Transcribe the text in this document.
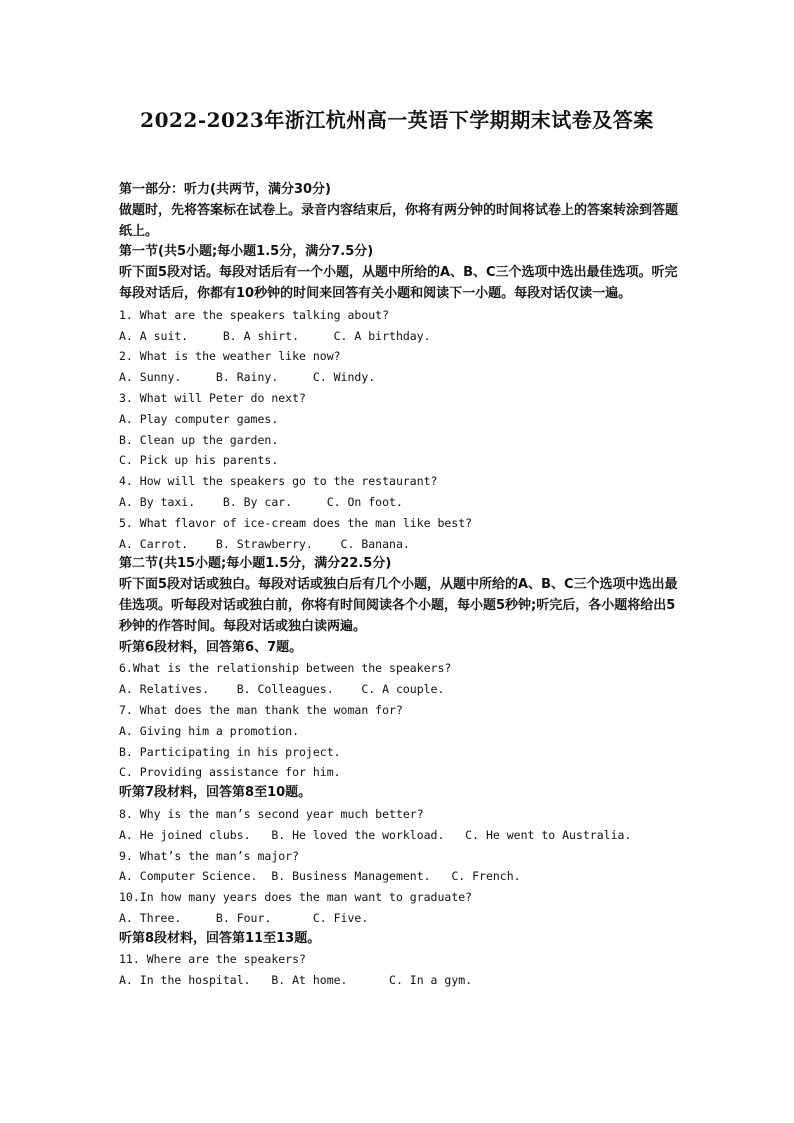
2022-2023年浙江杭州高一英语下学期期末试卷及答案

第一部分：听力(共两节，满分30分)

做题时，先将答案标在试卷上。录音内容结束后，你将有两分钟的时间将试卷上的答案转涂到答题纸上。

第一节(共5小题;每小题1.5分，满分7.5分)

听下面5段对话。每段对话后有一个小题，从题中所给的A、B、C三个选项中选出最佳选项。听完每段对话后，你都有10秒钟的时间来回答有关小题和阅读下一小题。每段对话仅读一遍。

1. What are the speakers talking about?

A. A suit.     B. A shirt.     C. A birthday.

2. What is the weather like now?

A. Sunny.     B. Rainy.     C. Windy.

3. What will Peter do next?

A. Play computer games.

B. Clean up the garden.

C. Pick up his parents.

4. How will the speakers go to the restaurant?

A. By taxi.    B. By car.     C. On foot.

5. What flavor of ice-cream does the man like best?

A. Carrot.    B. Strawberry.    C. Banana.

第二节(共15小题;每小题1.5分，满分22.5分)

听下面5段对话或独白。每段对话或独白后有几个小题，从题中所给的A、B、C三个选项中选出最佳选项。听每段对话或独白前，你将有时间阅读各个小题，每小题5秒钟;听完后，各小题将给出5秒钟的作答时间。每段对话或独白读两遍。

听第6段材料，回答第6、7题。

6.What is the relationship between the speakers?

A. Relatives.    B. Colleagues.    C. A couple.

7. What does the man thank the woman for?

A. Giving him a promotion.

B. Participating in his project.

C. Providing assistance for him.

听第7段材料，回答第8至10题。

8. Why is the man’s second year much better?

A. He joined clubs.   B. He loved the workload.   C. He went to Australia.

9. What’s the man’s major?

A. Computer Science.  B. Business Management.   C. French.

10.In how many years does the man want to graduate?

A. Three.     B. Four.      C. Five.

听第8段材料，回答第11至13题。

11. Where are the speakers?

A. In the hospital.   B. At home.      C. In a gym.
